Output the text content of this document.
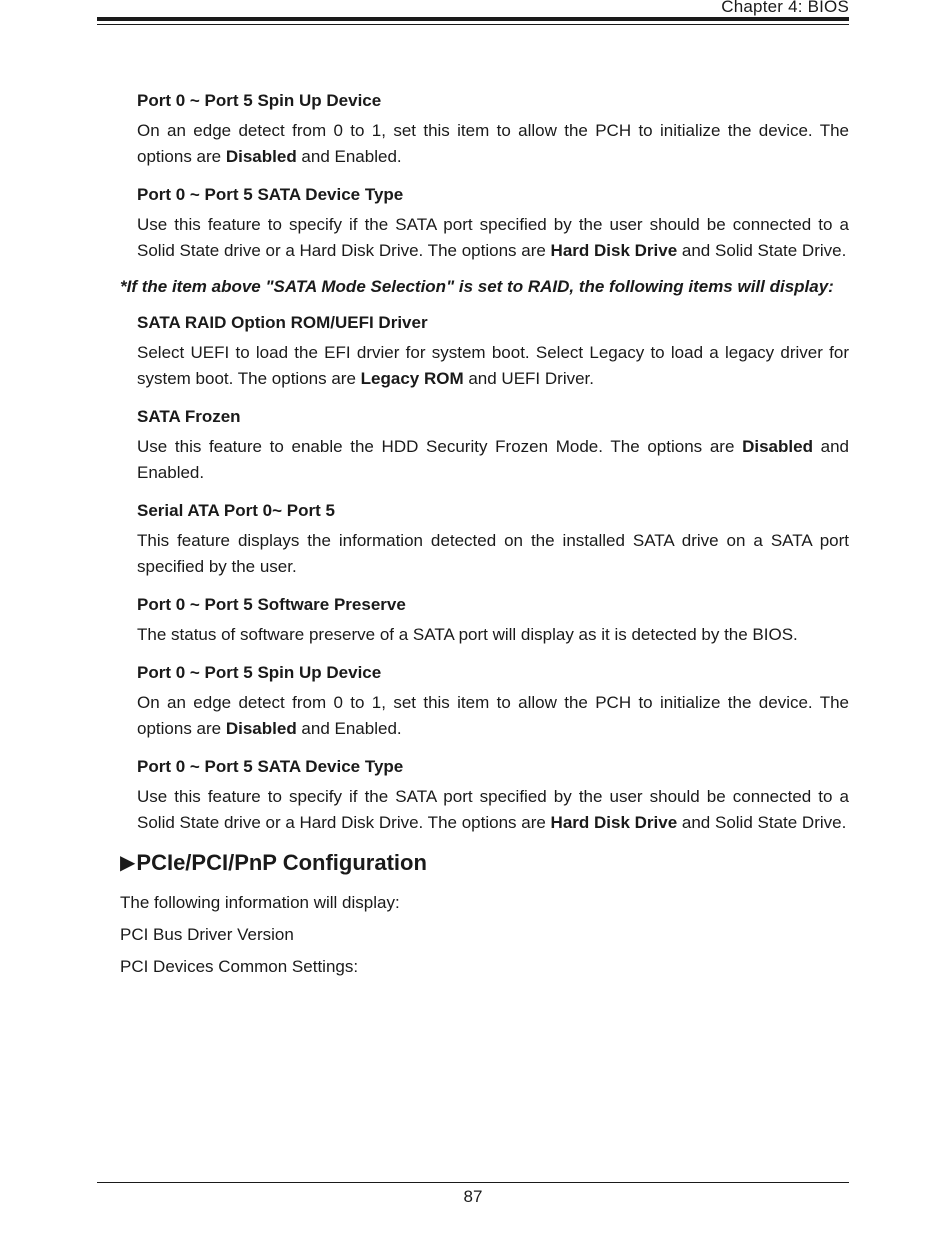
Chapter 4: BIOS
Port 0 ~ Port 5 Spin Up Device
On an edge detect from 0 to 1, set this item to allow the PCH to initialize the device. The options are Disabled and Enabled.
Port 0 ~ Port 5 SATA Device Type
Use this feature to specify if the SATA port specified by the user should be connected to a Solid State drive or a Hard Disk Drive. The options are Hard Disk Drive and Solid State Drive.
*If the item above "SATA Mode Selection" is set to RAID, the following items will display:
SATA RAID Option ROM/UEFI Driver
Select UEFI to load the EFI drvier for system boot. Select Legacy to load a legacy driver for system boot. The options are Legacy ROM and UEFI Driver.
SATA Frozen
Use this feature to enable the HDD Security Frozen Mode. The options are Disabled and Enabled.
Serial ATA Port 0~ Port 5
This feature displays the information detected on the installed SATA drive on a SATA port specified by the user.
Port 0 ~ Port 5 Software Preserve
The status of software preserve of a SATA port will display as it is detected by the BIOS.
Port 0 ~ Port 5 Spin Up Device
On an edge detect from 0 to 1, set this item to allow the PCH to initialize the device. The options are Disabled and Enabled.
Port 0 ~ Port 5 SATA Device Type
Use this feature to specify if the SATA port specified by the user should be connected to a Solid State drive or a Hard Disk Drive. The options are Hard Disk Drive and Solid State Drive.
▶ PCIe/PCI/PnP Configuration
The following information will display:
PCI Bus Driver Version
PCI Devices Common Settings:
87
